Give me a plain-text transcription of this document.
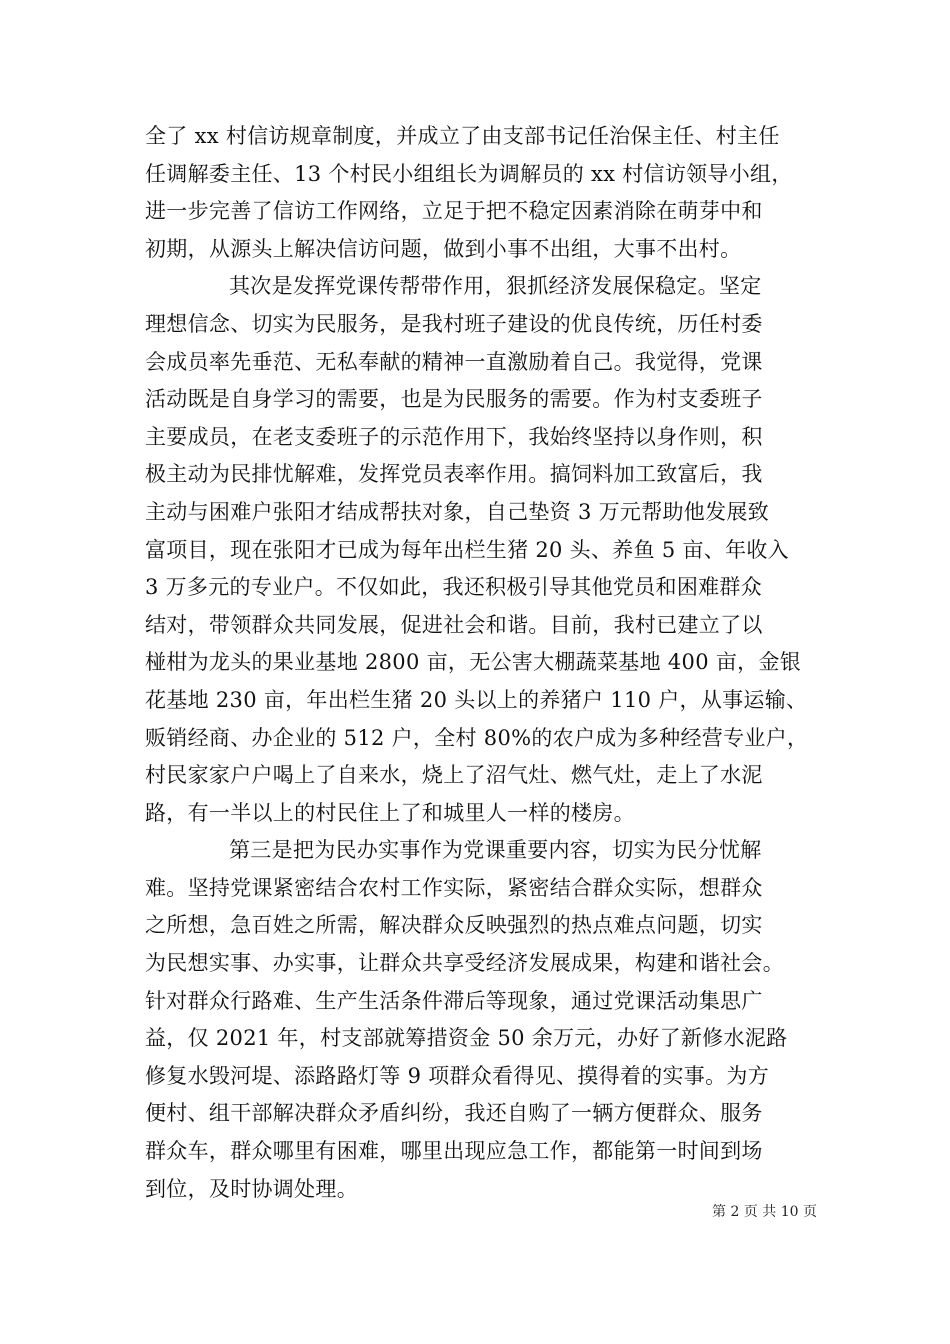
全了 xx 村信访规章制度，并成立了由支部书记任治保主任、村主任
任调解委主任、13 个村民小组组长为调解员的 xx 村信访领导小组，
进一步完善了信访工作网络，立足于把不稳定因素消除在萌芽中和
初期，从源头上解决信访问题，做到小事不出组，大事不出村。
其次是发挥党课传帮带作用，狠抓经济发展保稳定。坚定
理想信念、切实为民服务，是我村班子建设的优良传统，历任村委
会成员率先垂范、无私奉献的精神一直激励着自己。我觉得，党课
活动既是自身学习的需要，也是为民服务的需要。作为村支委班子
主要成员，在老支委班子的示范作用下，我始终坚持以身作则，积
极主动为民排忧解难，发挥党员表率作用。搞饲料加工致富后，我
主动与困难户张阳才结成帮扶对象，自己垫资 3 万元帮助他发展致
富项目，现在张阳才已成为每年出栏生猪 20 头、养鱼 5 亩、年收入
3 万多元的专业户。不仅如此，我还积极引导其他党员和困难群众
结对，带领群众共同发展，促进社会和谐。目前，我村已建立了以
椪柑为龙头的果业基地 2800 亩，无公害大棚蔬菜基地 400 亩，金银
花基地 230 亩，年出栏生猪 20 头以上的养猪户 110 户，从事运输、
贩销经商、办企业的 512 户，全村 80%的农户成为多种经营专业户，
村民家家户户喝上了自来水，烧上了沼气灶、燃气灶，走上了水泥
路，有一半以上的村民住上了和城里人一样的楼房。
第三是把为民办实事作为党课重要内容，切实为民分忧解
难。坚持党课紧密结合农村工作实际，紧密结合群众实际，想群众
之所想，急百姓之所需，解决群众反映强烈的热点难点问题，切实
为民想实事、办实事，让群众共享受经济发展成果，构建和谐社会。
针对群众行路难、生产生活条件滞后等现象，通过党课活动集思广
益，仅 2021 年，村支部就筹措资金 50 余万元，办好了新修水泥路
修复水毁河堤、添路路灯等 9 项群众看得见、摸得着的实事。为方
便村、组干部解决群众矛盾纠纷，我还自购了一辆方便群众、服务
群众车，群众哪里有困难，哪里出现应急工作，都能第一时间到场
到位，及时协调处理。
第 2 页 共 10 页
